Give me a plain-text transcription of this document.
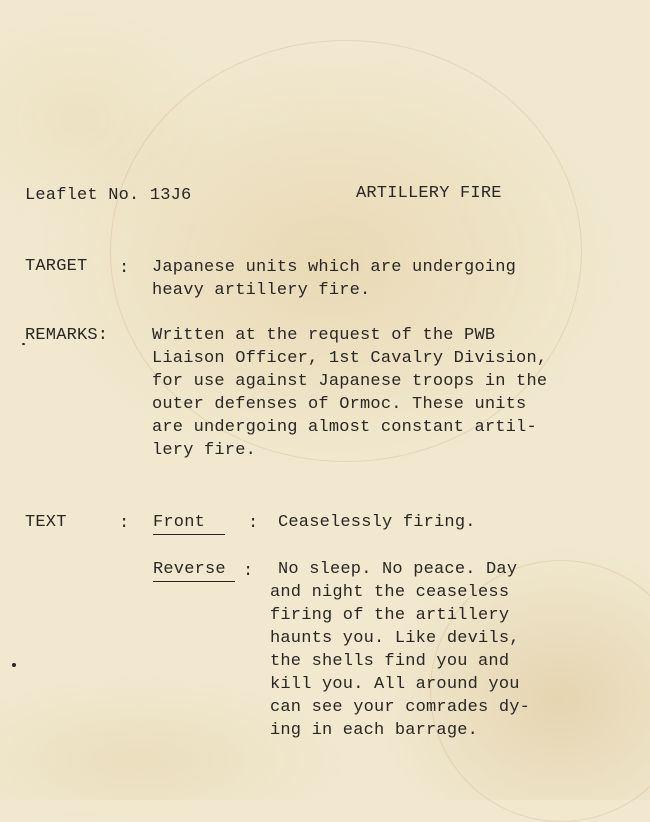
Leaflet No. 13J6	ARTILLERY FIRE
TARGET : Japanese units which are undergoing
heavy artillery fire.
REMARKS:	Written at the request of the PWB
Liaison Officer, 1st Cavalry Division,
for use against Japanese troops in the
outer defenses of Ormoc. These units
are undergoing almost constant artil-
lery fire.
TEXT	: Front	: Ceaselessly firing.
Reverse : No sleep. No peace. Day
and night the ceaseless
firing of the artillery
haunts you. Like devils,
the shells find you and
kill you. All around you
can see your comrades dy-
ing in each barrage.
